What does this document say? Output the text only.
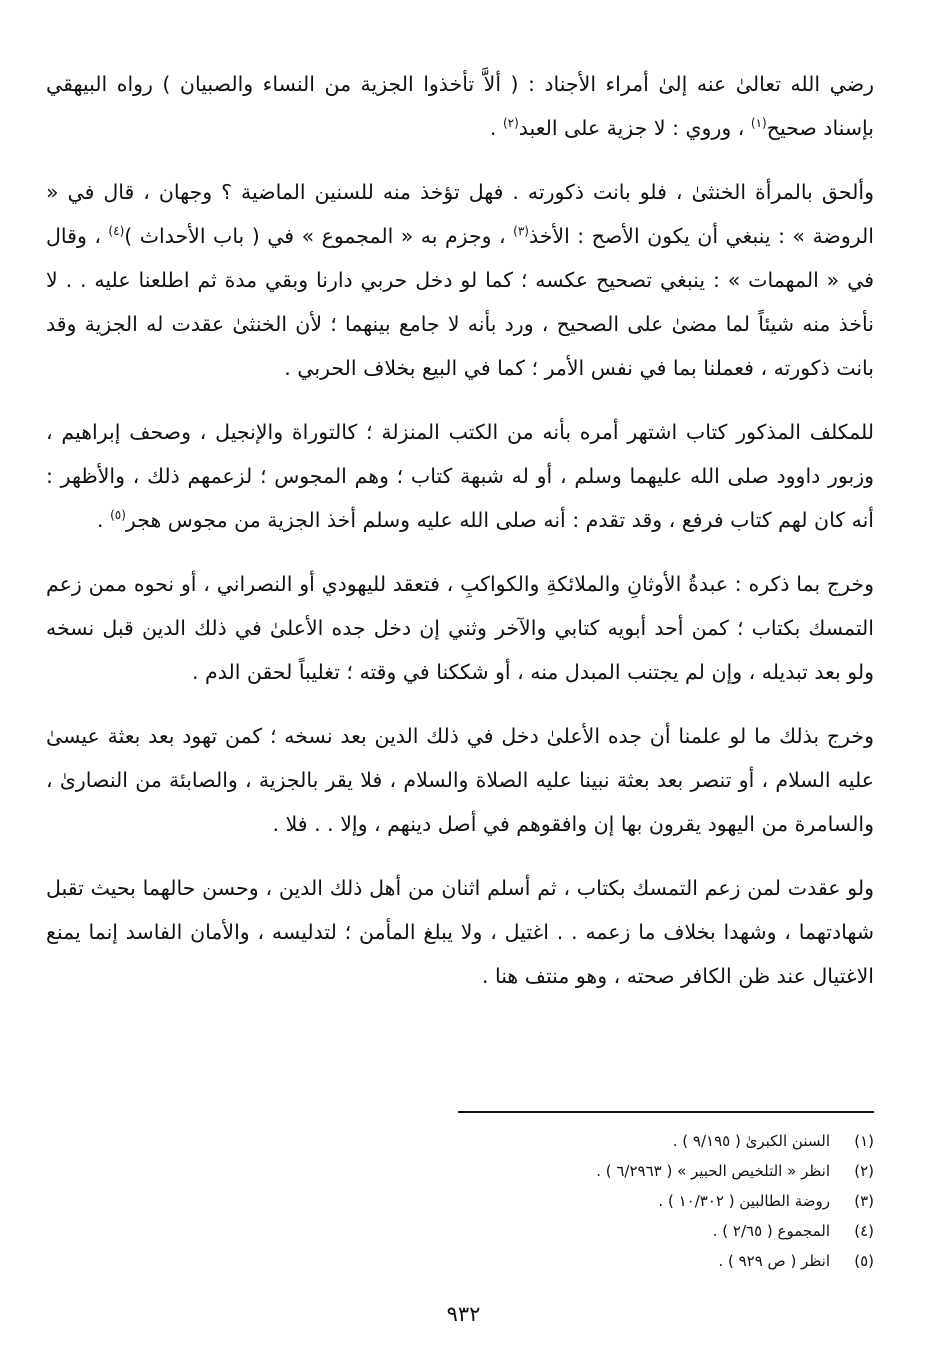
رضي الله تعالىٰ عنه إلىٰ أمراء الأجناد : ( ألاَّ تأخذوا الجزية من النساء والصبيان ) رواه البيهقي بإسناد صحيح$^{(١)}$ ، وروي : لا جزية على العبد$^{(٢)}$ .

وألحق بالمرأة الخنثىٰ ، فلو بانت ذكورته . فهل تؤخذ منه للسنين الماضية ؟ وجهان ، قال في « الروضة » : ينبغي أن يكون الأصح : الأخذ$^{(٣)}$ ، وجزم به « المجموع » في ( باب الأحداث )$^{(٤)}$ ، وقال في « المهمات » : ينبغي تصحيح عكسه ؛ كما لو دخل حربي دارنا وبقي مدة ثم اطلعنا عليه . . لا نأخذ منه شيئاً لما مضىٰ على الصحيح ، ورد بأنه لا جامع بينهما ؛ لأن الخنثىٰ عقدت له الجزية وقد بانت ذكورته ، فعملنا بما في نفس الأمر ؛ كما في البيع بخلاف الحربي .

للمكلف المذكور كتاب اشتهر أمره بأنه من الكتب المنزلة ؛ كالتوراة والإنجيل ، وصحف إبراهيم ، وزبور داوود صلى الله عليهما وسلم ، أو له شبهة كتاب ؛ وهم المجوس ؛ لزعمهم ذلك ، والأظهر : أنه كان لهم كتاب فرفع ، وقد تقدم : أنه صلى الله عليه وسلم أخذ الجزية من مجوس هجر$^{(٥)}$ .

وخرج بما ذكره : عبدةُ الأوثانِ والملائكةِ والكواكبِ ، فتعقد لليهودي أو النصراني ، أو نحوه ممن زعم التمسك بكتاب ؛ كمن أحد أبويه كتابي والآخر وثني إن دخل جده الأعلىٰ في ذلك الدين قبل نسخه ولو بعد تبديله ، وإن لم يجتنب المبدل منه ، أو شككنا في وقته ؛ تغليباً لحقن الدم .

وخرج بذلك ما لو علمنا أن جده الأعلىٰ دخل في ذلك الدين بعد نسخه ؛ كمن تهود بعد بعثة عيسىٰ عليه السلام ، أو تنصر بعد بعثة نبينا عليه الصلاة والسلام ، فلا يقر بالجزية ، والصابئة من النصارىٰ ، والسامرة من اليهود يقرون بها إن وافقوهم في أصل دينهم ، وإلا . . فلا .

ولو عقدت لمن زعم التمسك بكتاب ، ثم أسلم اثنان من أهل ذلك الدين ، وحسن حالهما بحيث تقبل شهادتهما ، وشهدا بخلاف ما زعمه . . اغتيل ، ولا يبلغ المأمن ؛ لتدليسه ، والأمان الفاسد إنما يمنع الاغتيال عند ظن الكافر صحته ، وهو منتف هنا .

(١)السنن الكبرىٰ ( ٩/١٩٥ ) .
(٢)انظر « التلخيص الحبير » ( ٦/٢٩٦٣ ) .
(٣)روضة الطالبين ( ١٠/٣٠٢ ) .
(٤)المجموع ( ٢/٦٥ ) .
(٥)انظر ( ص ٩٢٩ ) .
٩٣٢
